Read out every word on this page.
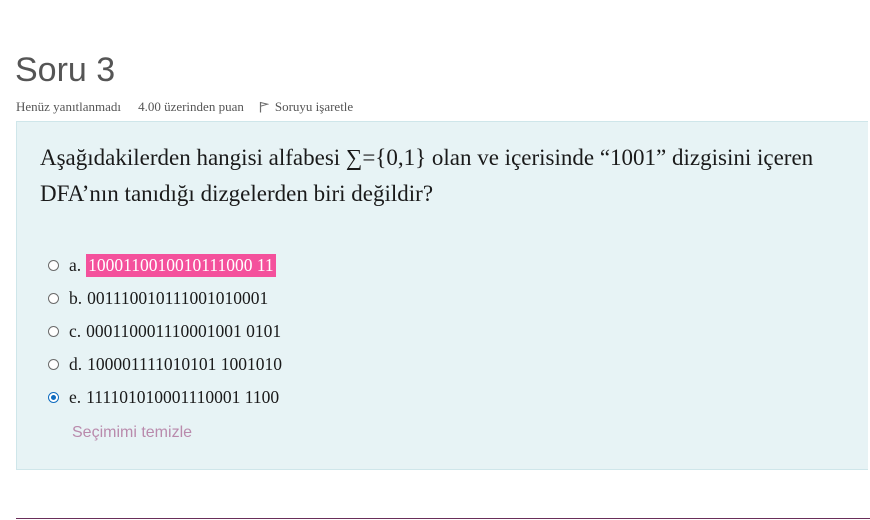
Soru 3
Henüz yanıtlanmadı 4.00 üzerinden puan Soruyu işaretle
Aşağıdakilerden hangisi alfabesi ∑={0,1} olan ve içerisinde “1001” dizgisini içeren DFA’nın tanıdığı dizgelerden biri değildir?
a. 1000110010010111000 11
b. 001110010111001010001
c. 000110001110001001 0101
d. 100001111010101 1001010
e. 111101010001110001 1100
Seçimimi temizle
